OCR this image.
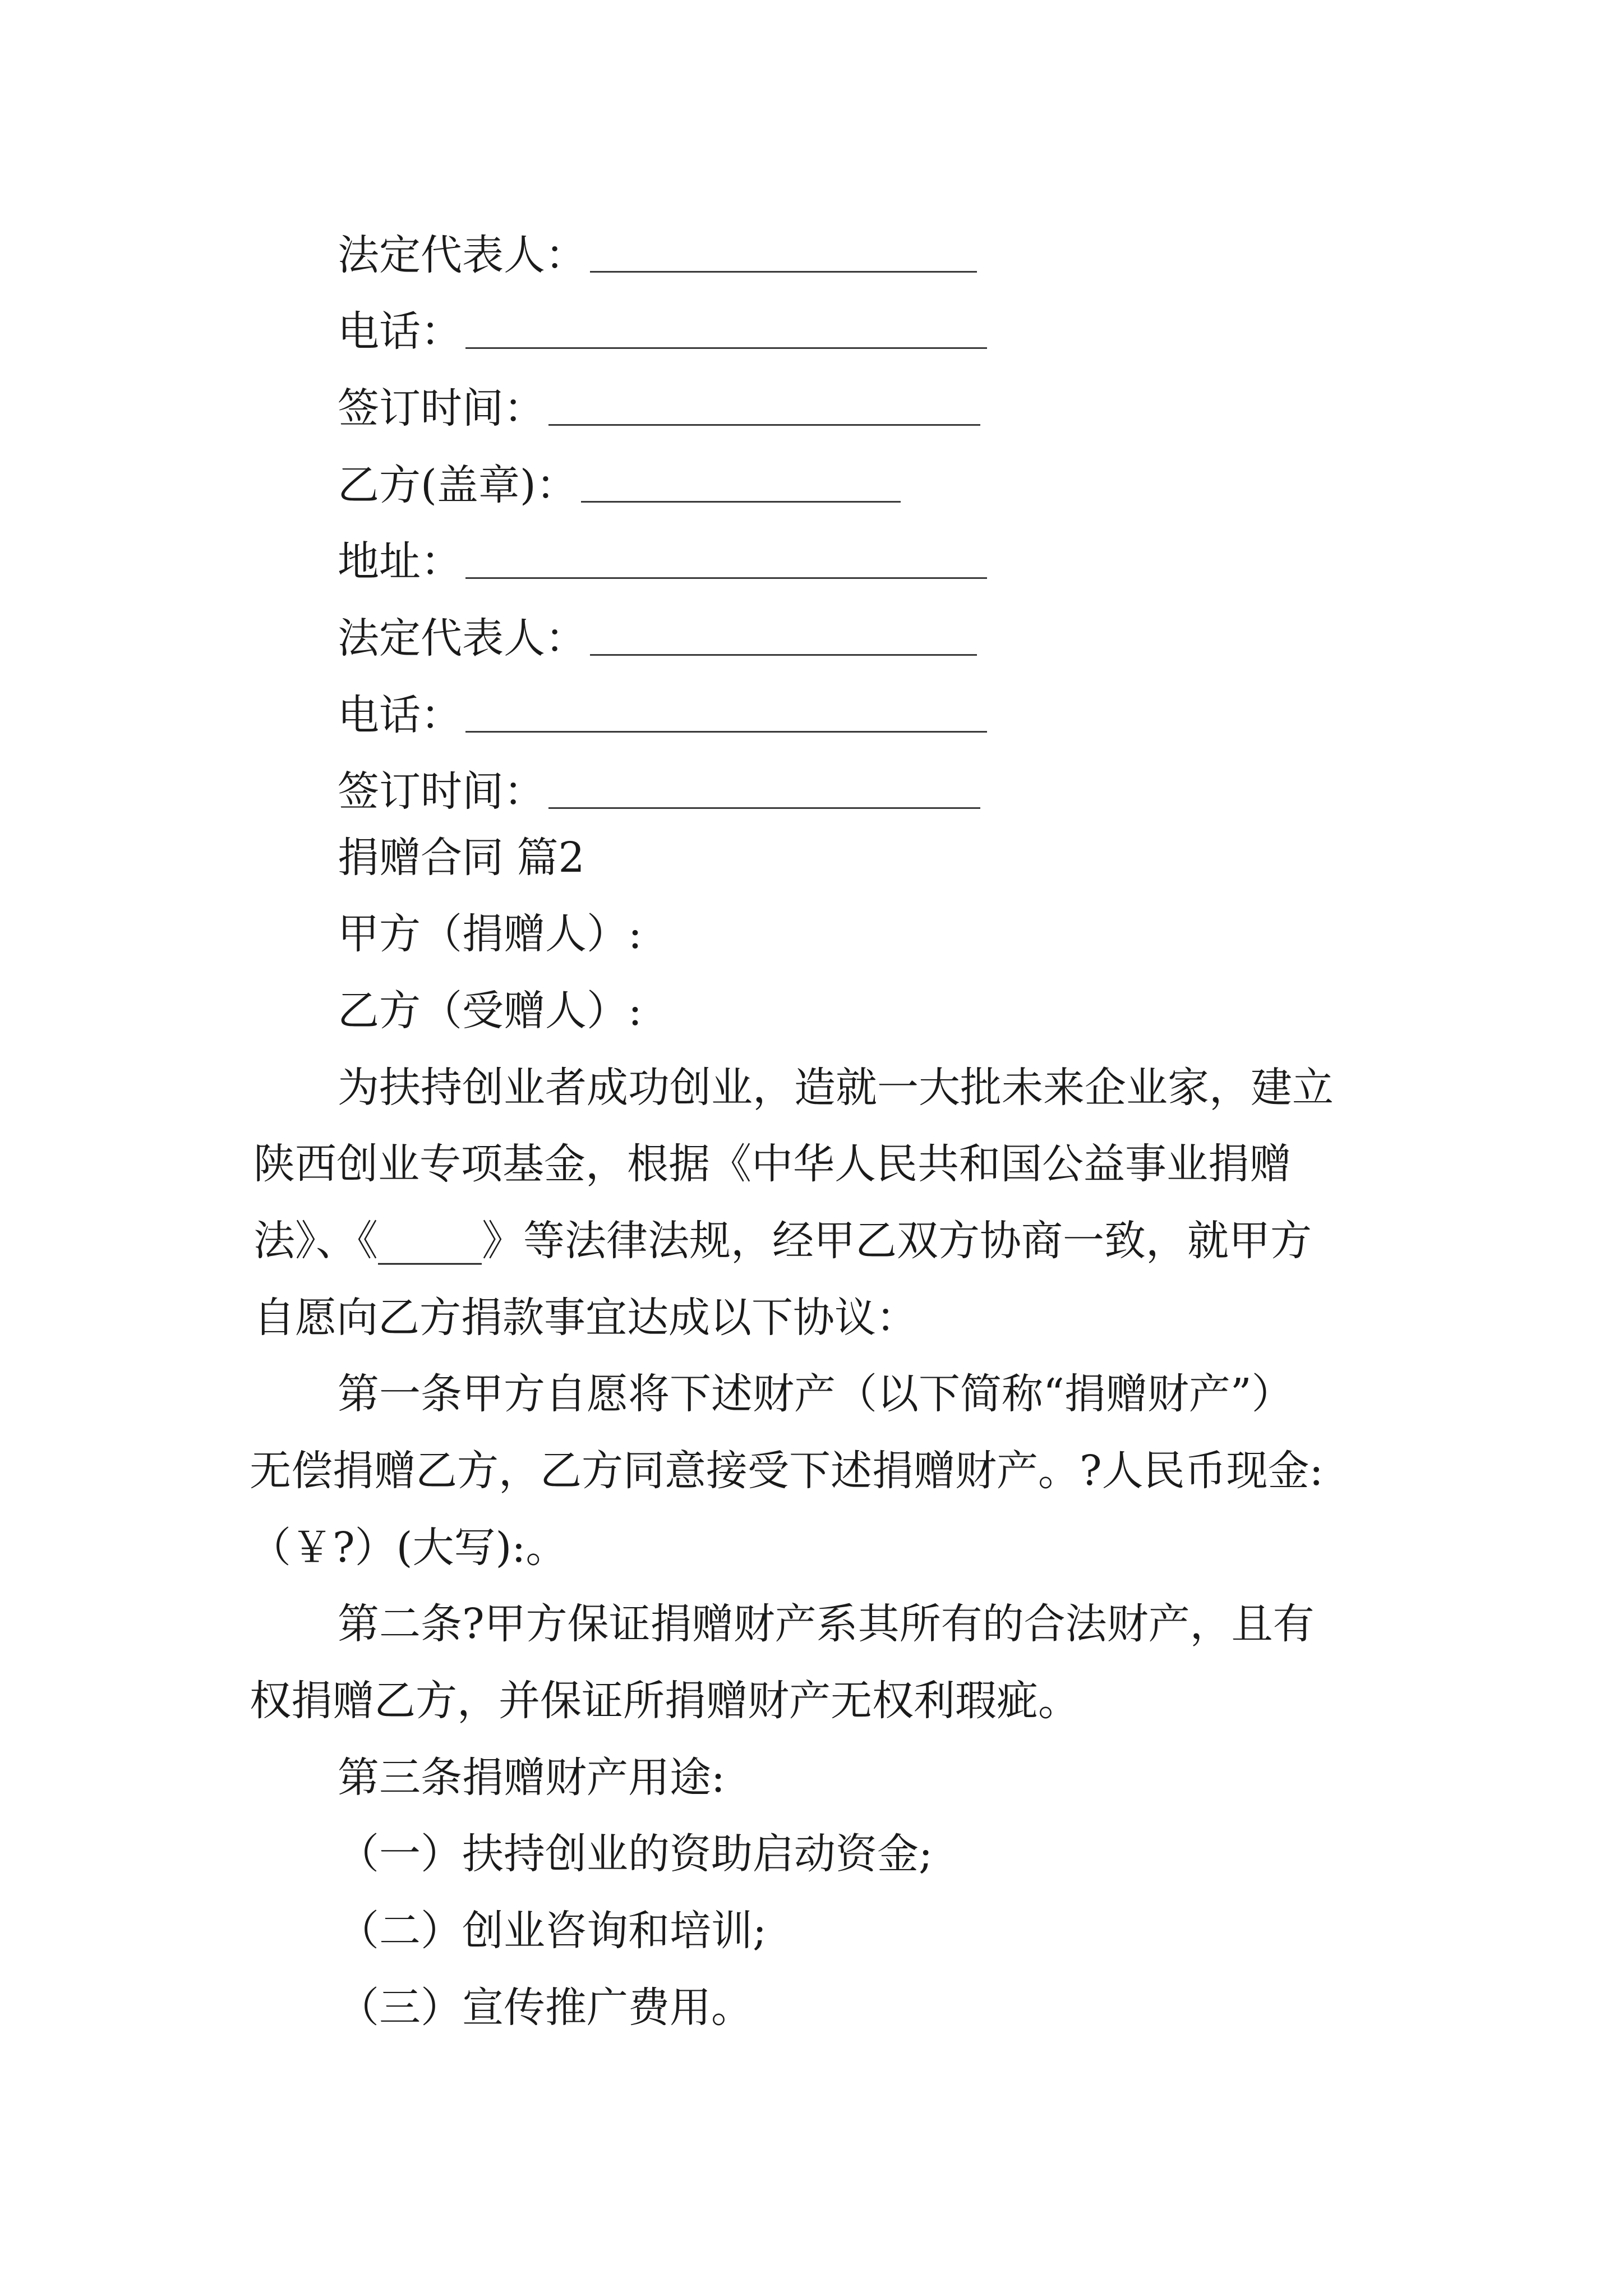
法定代表人：
电话：
签订时间：
乙方(盖章)：
地址：
法定代表人：
电话：
签订时间：
捐赠合同 篇2
甲方（捐赠人）:
乙方（受赠人）:
为扶持创业者成功创业，造就一大批未来企业家，建立
陕西创业专项基金，根据《中华人民共和国公益事业捐赠
法》、《_____》等法律法规，经甲乙双方协商一致，就甲方
自愿向乙方捐款事宜达成以下协议：
第一条甲方自愿将下述财产（以下简称“捐赠财产”）
无偿捐赠乙方，乙方同意接受下述捐赠财产。?人民币现金:
（￥?）(大写):。
第二条?甲方保证捐赠财产系其所有的合法财产，且有
权捐赠乙方，并保证所捐赠财产无权利瑕疵。
第三条捐赠财产用途:
（一）扶持创业的资助启动资金;
（二）创业咨询和培训;
（三）宣传推广费用。
